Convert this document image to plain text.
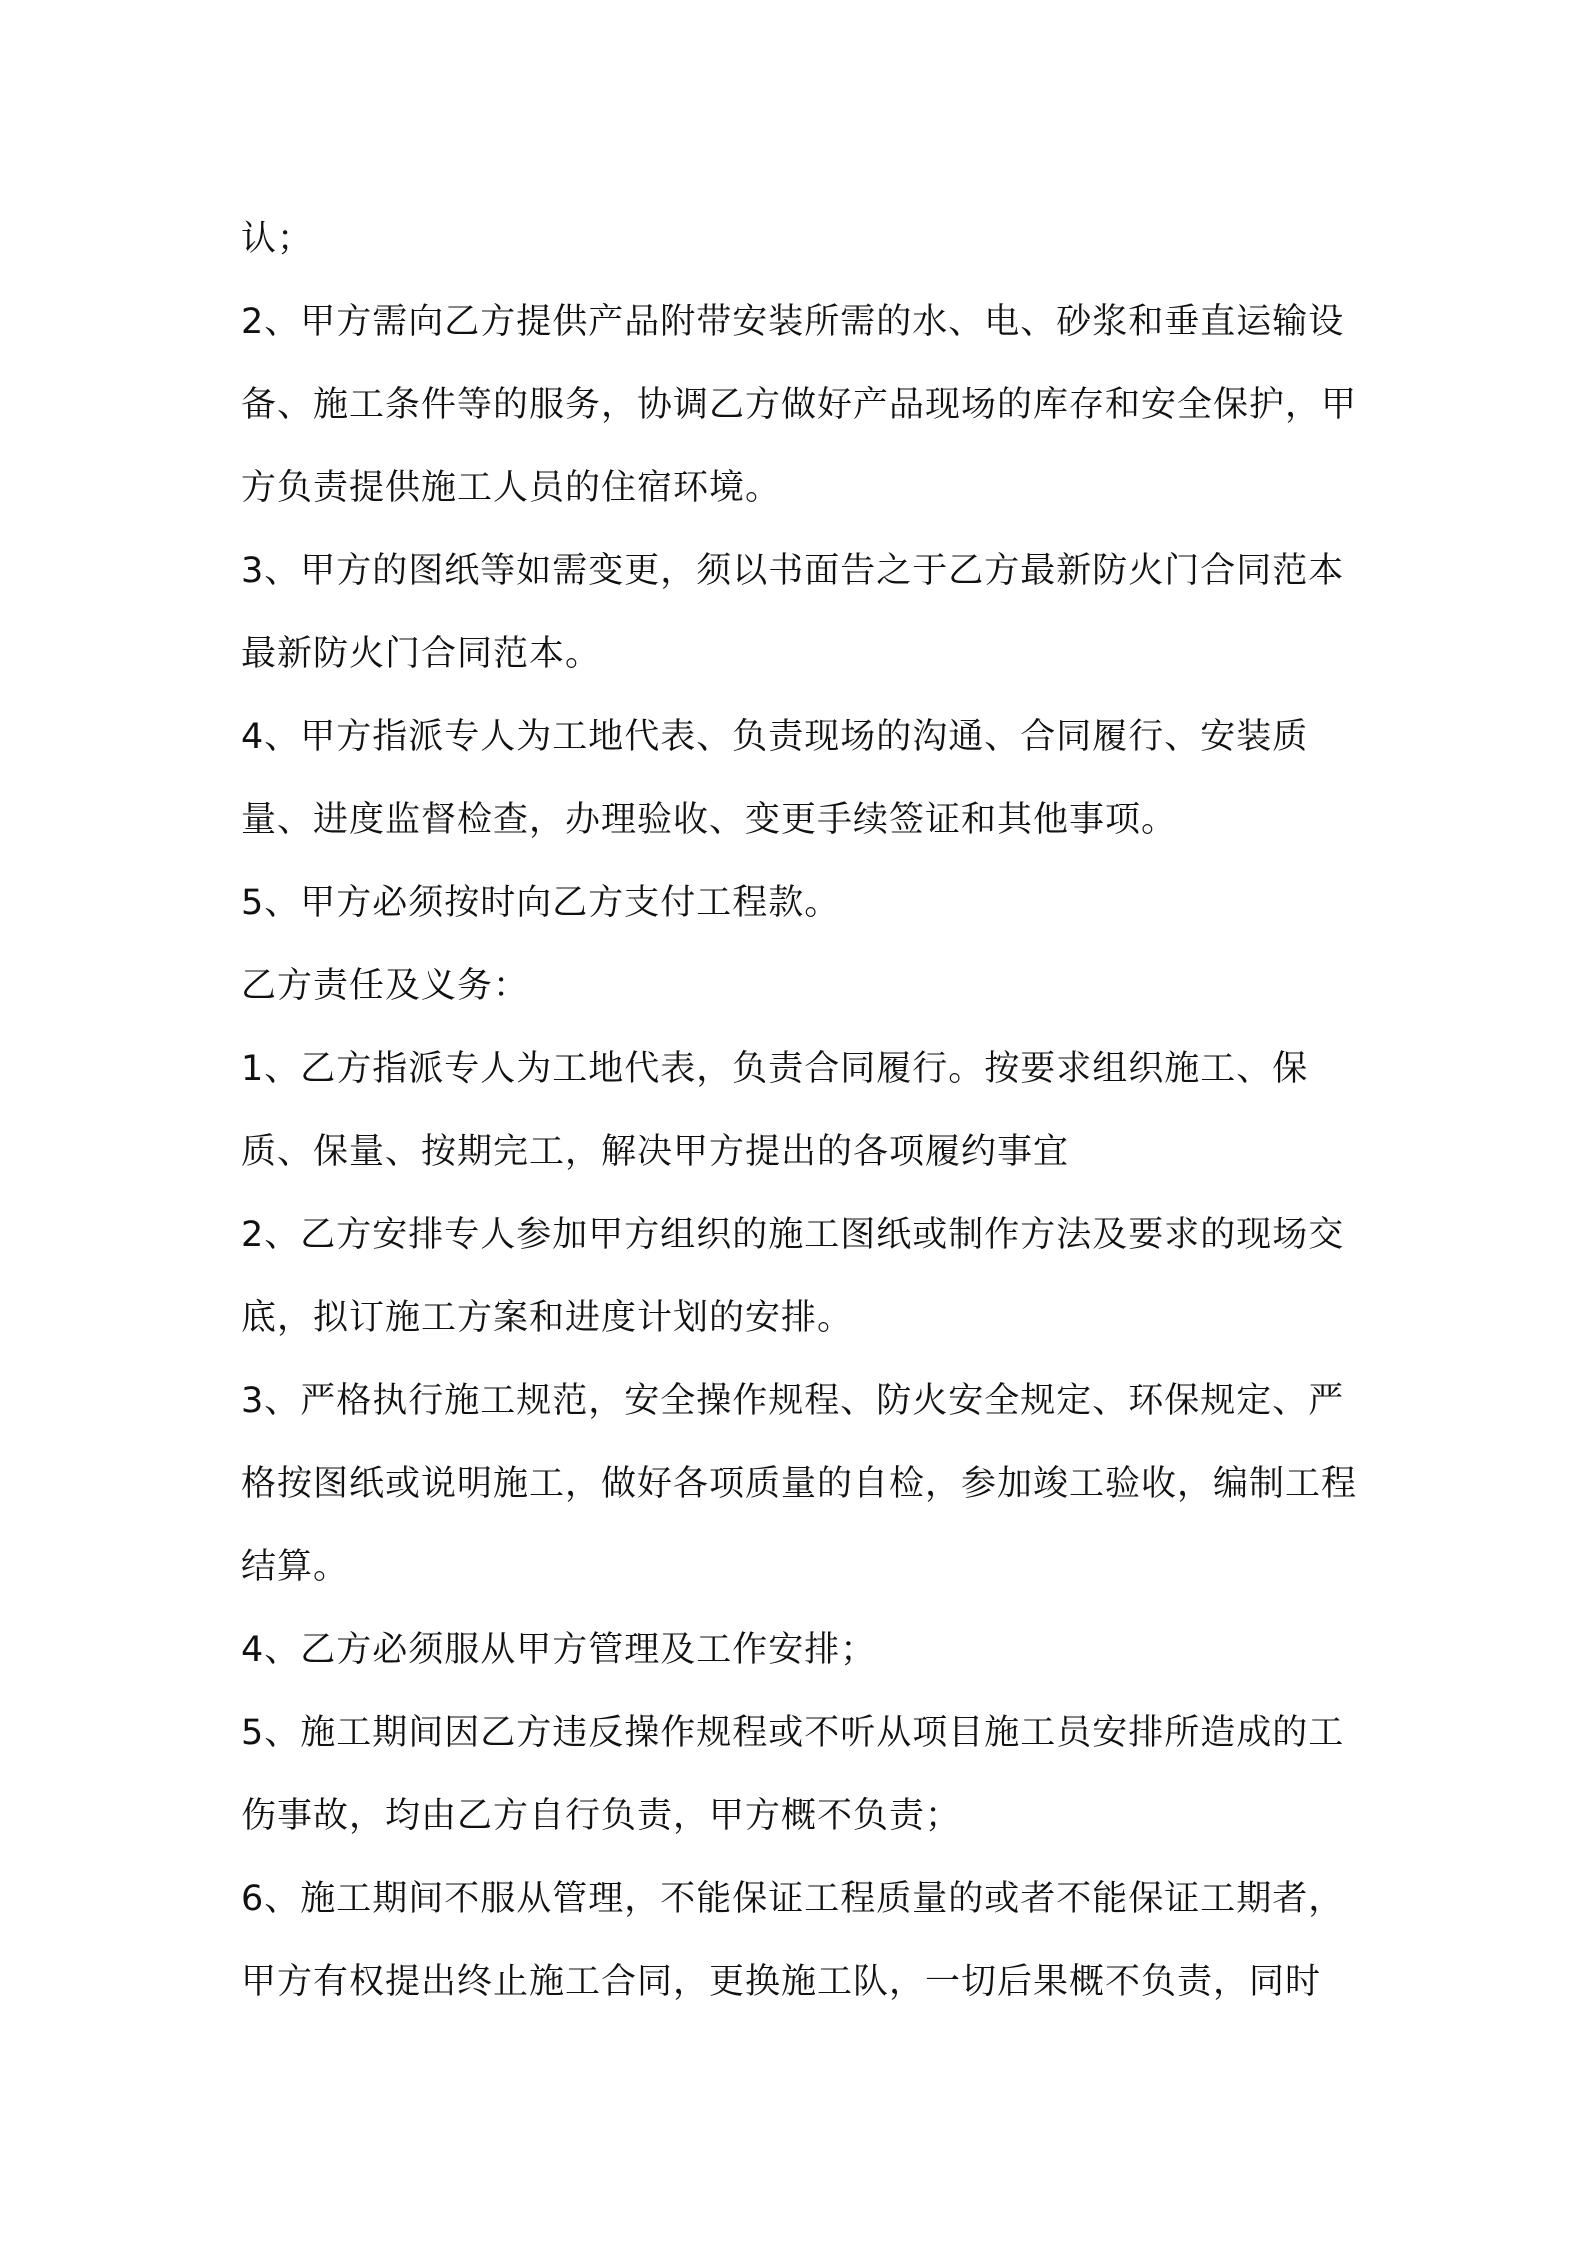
认；

2、甲方需向乙方提供产品附带安装所需的水、电、砂浆和垂直运输设备、施工条件等的服务，协调乙方做好产品现场的库存和安全保护，甲方负责提供施工人员的住宿环境。

3、甲方的图纸等如需变更，须以书面告之于乙方最新防火门合同范本最新防火门合同范本。

4、甲方指派专人为工地代表、负责现场的沟通、合同履行、安装质量、进度监督检查，办理验收、变更手续签证和其他事项。

5、甲方必须按时向乙方支付工程款。

乙方责任及义务：

1、乙方指派专人为工地代表，负责合同履行。按要求组织施工、保质、保量、按期完工，解决甲方提出的各项履约事宜

2、乙方安排专人参加甲方组织的施工图纸或制作方法及要求的现场交底，拟订施工方案和进度计划的安排。

3、严格执行施工规范，安全操作规程、防火安全规定、环保规定、严格按图纸或说明施工，做好各项质量的自检，参加竣工验收，编制工程结算。

4、乙方必须服从甲方管理及工作安排；

5、施工期间因乙方违反操作规程或不听从项目施工员安排所造成的工伤事故，均由乙方自行负责，甲方概不负责；

6、施工期间不服从管理，不能保证工程质量的或者不能保证工期者，甲方有权提出终止施工合同，更换施工队，一切后果概不负责，同时
